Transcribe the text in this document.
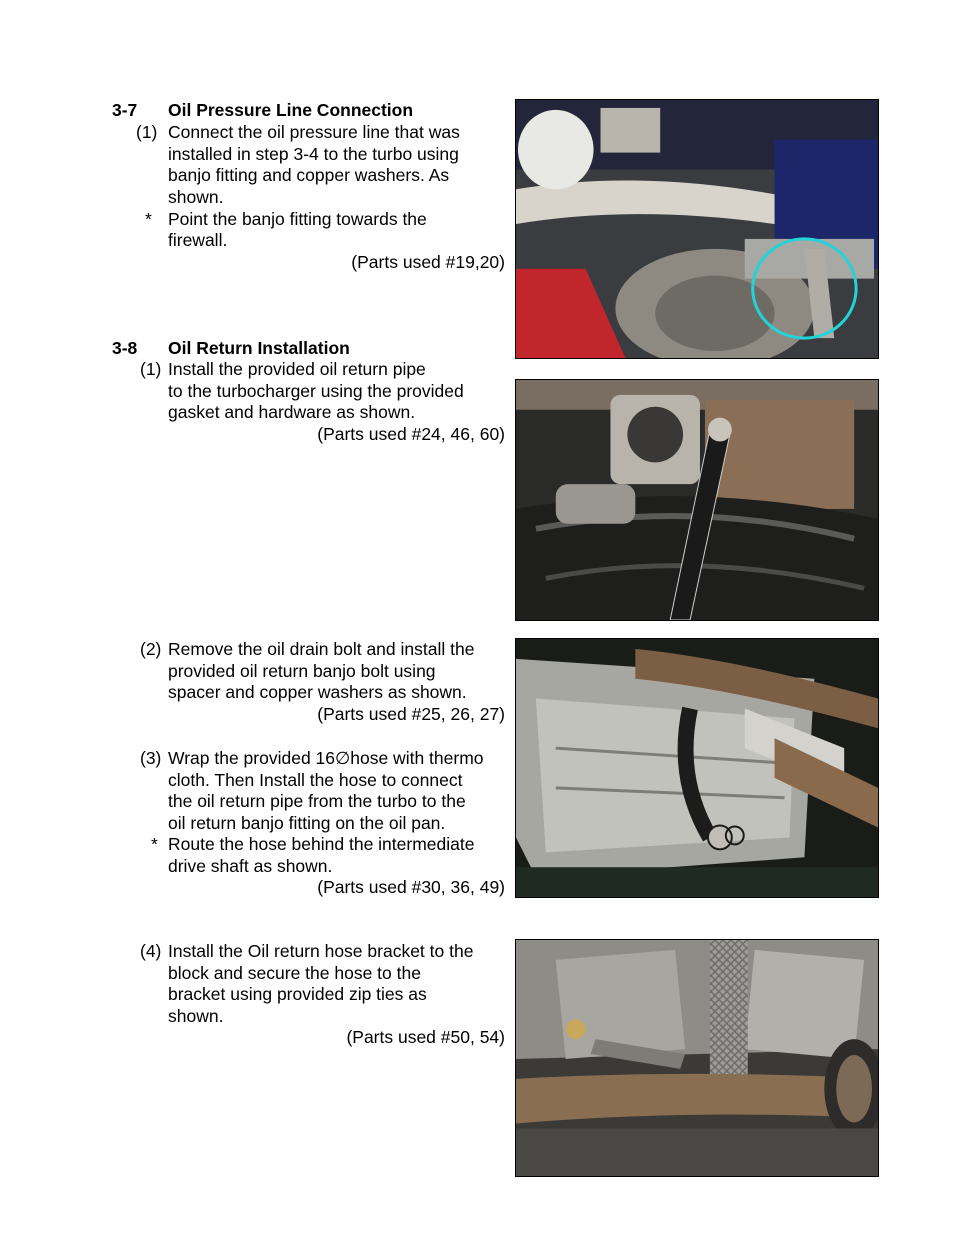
3-7 Oil Pressure Line Connection
(1) Connect the oil pressure line that was
installed in step 3-4 to the turbo using
banjo fitting and copper washers. As
shown.
* Point the banjo fitting towards the
firewall.
(Parts used #19,20)
3-8 Oil Return Installation
(1) Install the provided oil return pipe
to the turbocharger using the provided
gasket and hardware as shown.
(Parts used #24, 46, 60)
(2) Remove the oil drain bolt and install the
provided oil return banjo bolt using
spacer and copper washers as shown.
(Parts used #25, 26, 27)
(3) Wrap the provided 16∅hose with thermo
cloth. Then Install the hose to connect
the oil return pipe from the turbo to the
oil return banjo fitting on the oil pan.
* Route the hose behind the intermediate
drive shaft as shown.
(Parts used #30, 36, 49)
(4) Install the Oil return hose bracket to the
block and secure the hose to the
bracket using provided zip ties as
shown.
(Parts used #50, 54)
